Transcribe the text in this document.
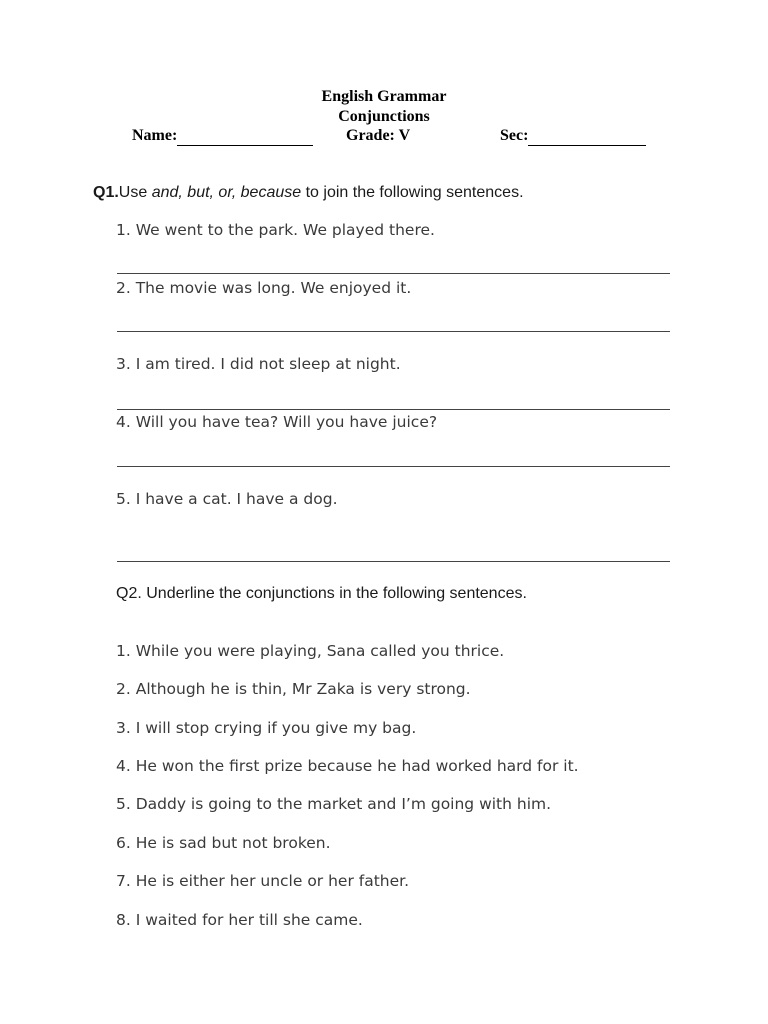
English Grammar
Conjunctions
Name:	Grade: V	Sec:
Q1.Use and, but, or, because to join the following sentences.
1. We went to the park. We played there.
2. The movie was long. We enjoyed it.
3. I am tired. I did not sleep at night.
4. Will you have tea? Will you have juice?
5. I have a cat. I have a dog.
Q2. Underline the conjunctions in the following sentences.
1. While you were playing, Sana called you thrice.
2. Although he is thin, Mr Zaka is very strong.
3. I will stop crying if you give my bag.
4. He won the first prize because he had worked hard for it.
5. Daddy is going to the market and I’m going with him.
6. He is sad but not broken.
7. He is either her uncle or her father.
8. I waited for her till she came.
